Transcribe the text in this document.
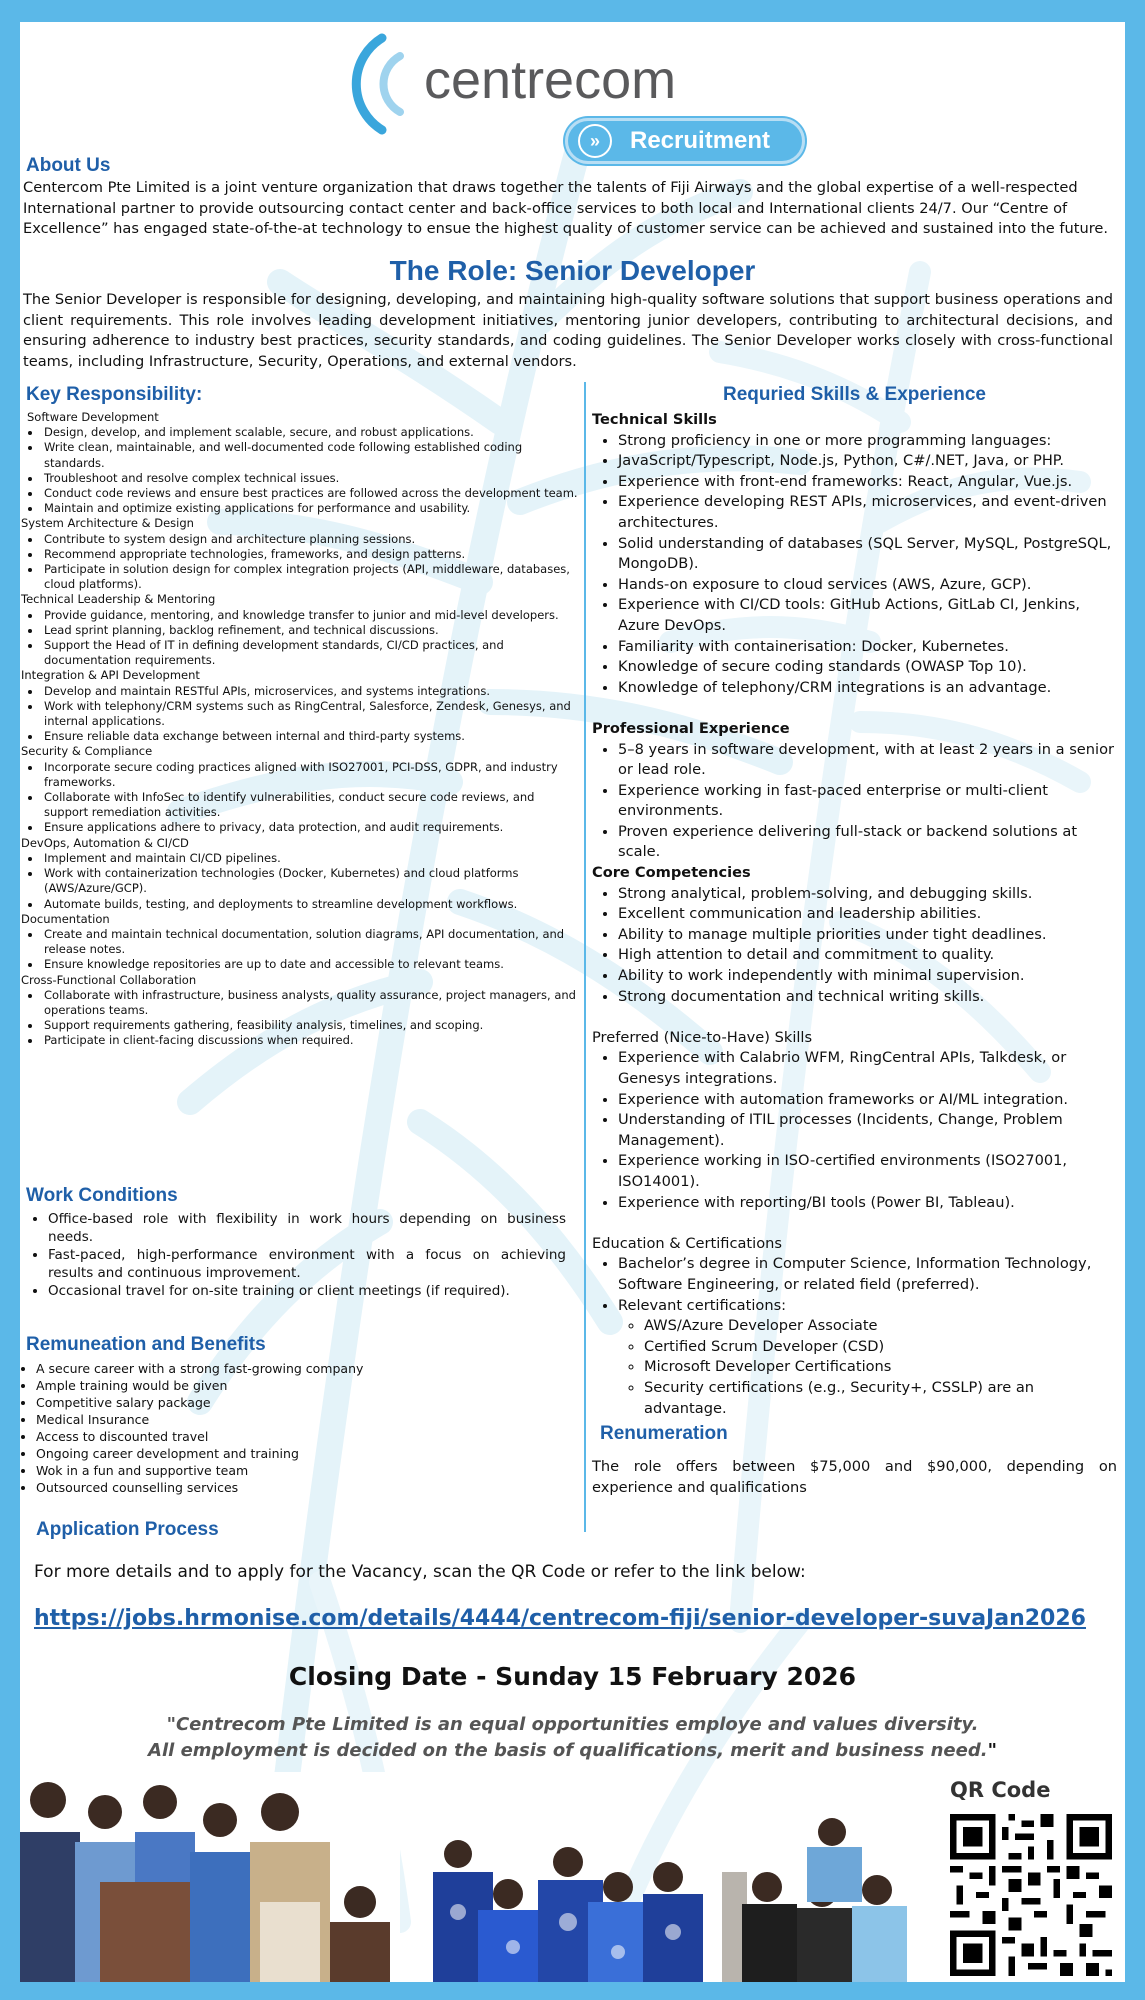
centrecom
»	Recruitment
About Us

Centercom Pte Limited is a joint venture organization that draws together the talents of Fiji Airways and the global expertise of a well-respected International partner to provide outsourcing contact center and back-office services to both local and International clients 24/7. Our “Centre of Excellence” has engaged state-of-the-at technology to ensue the highest quality of customer service can be achieved and sustained into the future.

The Role: Senior Developer

The Senior Developer is responsible for designing, developing, and maintaining high-quality software solutions that support business operations and client requirements. This role involves leading development initiatives, mentoring junior developers, contributing to architectural decisions, and ensuring adherence to industry best practices, security standards, and coding guidelines. The Senior Developer works closely with cross-functional teams, including Infrastructure, Security, Operations, and external vendors.

Key Responsibility:
Software Development
• Design, develop, and implement scalable, secure, and robust applications.
• Write clean, maintainable, and well-documented code following established coding standards.
• Troubleshoot and resolve complex technical issues.
• Conduct code reviews and ensure best practices are followed across the development team.
• Maintain and optimize existing applications for performance and usability.
System Architecture & Design
• Contribute to system design and architecture planning sessions.
• Recommend appropriate technologies, frameworks, and design patterns.
• Participate in solution design for complex integration projects (API, middleware, databases, cloud platforms).
Technical Leadership & Mentoring
• Provide guidance, mentoring, and knowledge transfer to junior and mid-level developers.
• Lead sprint planning, backlog refinement, and technical discussions.
• Support the Head of IT in defining development standards, CI/CD practices, and documentation requirements.
Integration & API Development
• Develop and maintain RESTful APIs, microservices, and systems integrations.
• Work with telephony/CRM systems such as RingCentral, Salesforce, Zendesk, Genesys, and internal applications.
• Ensure reliable data exchange between internal and third-party systems.
Security & Compliance
• Incorporate secure coding practices aligned with ISO27001, PCI-DSS, GDPR, and industry frameworks.
• Collaborate with InfoSec to identify vulnerabilities, conduct secure code reviews, and support remediation activities.
• Ensure applications adhere to privacy, data protection, and audit requirements.
DevOps, Automation & CI/CD
• Implement and maintain CI/CD pipelines.
• Work with containerization technologies (Docker, Kubernetes) and cloud platforms (AWS/Azure/GCP).
• Automate builds, testing, and deployments to streamline development workflows.
Documentation
• Create and maintain technical documentation, solution diagrams, API documentation, and release notes.
• Ensure knowledge repositories are up to date and accessible to relevant teams.
Cross-Functional Collaboration
• Collaborate with infrastructure, business analysts, quality assurance, project managers, and operations teams.
• Support requirements gathering, feasibility analysis, timelines, and scoping.
• Participate in client-facing discussions when required.
Work Conditions
• Office-based role with flexibility in work hours depending on business needs.
• Fast-paced, high-performance environment with a focus on achieving results and continuous improvement.
• Occasional travel for on-site training or client meetings (if required).
Remuneation and Benefits
• A secure career with a strong fast-growing company
• Ample training would be given
• Competitive salary package
• Medical Insurance
• Access to discounted travel
• Ongoing career development and training
• Wok in a fun and supportive team
• Outsourced counselling services
Requried Skills & Experience
Technical Skills
• Strong proficiency in one or more programming languages:
• JavaScript/Typescript, Node.js, Python, C#/.NET, Java, or PHP.
• Experience with front-end frameworks: React, Angular, Vue.js.
• Experience developing REST APIs, microservices, and event-driven architectures.
• Solid understanding of databases (SQL Server, MySQL, PostgreSQL, MongoDB).
• Hands-on exposure to cloud services (AWS, Azure, GCP).
• Experience with CI/CD tools: GitHub Actions, GitLab CI, Jenkins, Azure DevOps.
• Familiarity with containerisation: Docker, Kubernetes.
• Knowledge of secure coding standards (OWASP Top 10).
• Knowledge of telephony/CRM integrations is an advantage.
Professional Experience
• 5–8 years in software development, with at least 2 years in a senior or lead role.
• Experience working in fast-paced enterprise or multi-client environments.
• Proven experience delivering full-stack or backend solutions at scale.
Core Competencies
• Strong analytical, problem-solving, and debugging skills.
• Excellent communication and leadership abilities.
• Ability to manage multiple priorities under tight deadlines.
• High attention to detail and commitment to quality.
• Ability to work independently with minimal supervision.
• Strong documentation and technical writing skills.
Preferred (Nice-to-Have) Skills
• Experience with Calabrio WFM, RingCentral APIs, Talkdesk, or Genesys integrations.
• Experience with automation frameworks or AI/ML integration.
• Understanding of ITIL processes (Incidents, Change, Problem Management).
• Experience working in ISO-certified environments (ISO27001, ISO14001).
• Experience with reporting/BI tools (Power BI, Tableau).
Education & Certifications
• Bachelor’s degree in Computer Science, Information Technology, Software Engineering, or related field (preferred).
• Relevant certifications:
◦ AWS/Azure Developer Associate
◦ Certified Scrum Developer (CSD)
◦ Microsoft Developer Certifications
◦ Security certifications (e.g., Security+, CSSLP) are an advantage.
Renumeration

The role offers between $75,000 and $90,000, depending on experience and qualifications

Application Process

For more details and to apply for the Vacancy, scan the QR Code or refer to the link below:

https://jobs.hrmonise.com/details/4444/centrecom-fiji/senior-developer-suvaJan2026
Closing Date - Sunday 15 February 2026
"Centrecom Pte Limited is an equal opportunities employe and values diversity.
All employment is decided on the basis of qualifications, merit and business need."
QR Code
